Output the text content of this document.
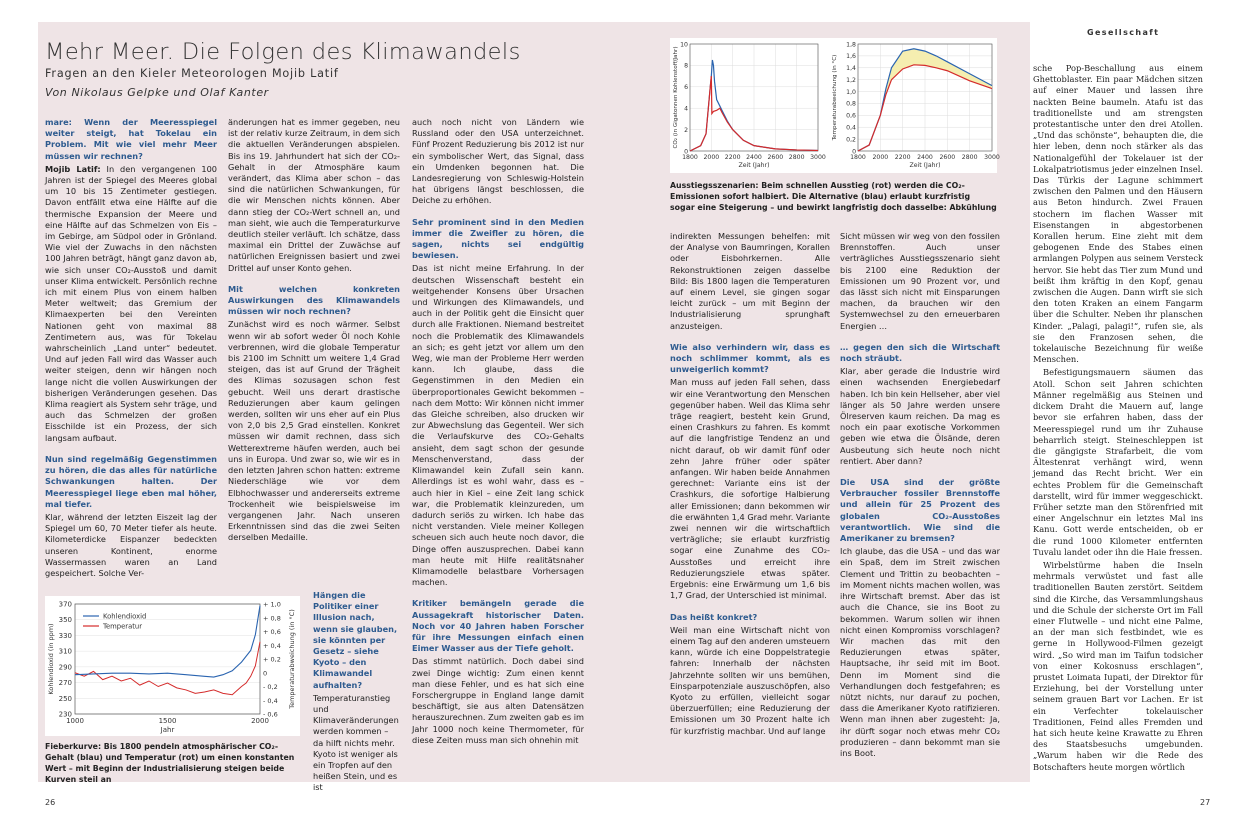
Mehr Meer. Die Folgen des Klimawandels
Fragen an den Kieler Meteorologen Mojib Latif
Von Nikolaus Gelpke und Olaf Kanter

mare: Wenn der Meeresspiegel weiter steigt, hat Tokelau ein Problem. Mit wie viel mehr Meer müssen wir rechnen?

Mojib Latif: In den vergangenen 100 Jahren ist der Spiegel des Meeres global um 10 bis 15 Zentimeter gestiegen. Davon entfällt etwa eine Hälfte auf die thermische Expansion der Meere und eine Hälfte auf das Schmelzen von Eis – im Gebirge, am Südpol oder in Grönland. Wie viel der Zuwachs in den nächsten 100 Jahren beträgt, hängt ganz davon ab, wie sich unser CO₂-Ausstoß und damit unser Klima entwickelt. Persönlich rechne ich mit einem Plus von einem halben Meter weltweit; das Gremium der Klimaexperten bei den Vereinten Nationen geht von maximal 88 Zentimetern aus, was für Tokelau wahrscheinlich „Land unter“ bedeutet. Und auf jeden Fall wird das Wasser auch weiter steigen, denn wir hängen noch lange nicht die vollen Auswirkungen der bisherigen Veränderungen gesehen. Das Klima reagiert als System sehr träge, und auch das Schmelzen der großen Eisschilde ist ein Prozess, der sich langsam aufbaut.

Nun sind regelmäßig Gegenstimmen zu hören, die das alles für natürliche Schwankungen halten. Der Meeresspiegel liege eben mal höher, mal tiefer.

Klar, während der letzten Eiszeit lag der Spiegel um 60, 70 Meter tiefer als heute. Kilometerdicke Eispanzer bedeckten unseren Kontinent, enorme Wassermassen waren an Land gespeichert. Solche Ver-

änderungen hat es immer gegeben, neu ist der relativ kurze Zeitraum, in dem sich die aktuellen Veränderungen abspielen. Bis ins 19. Jahrhundert hat sich der CO₂-Gehalt in der Atmosphäre kaum verändert, das Klima aber schon – das sind die natürlichen Schwankungen, für die wir Menschen nichts können. Aber dann stieg der CO₂-Wert schnell an, und man sieht, wie auch die Temperaturkurve deutlich steiler verläuft. Ich schätze, dass maximal ein Drittel der Zuwächse auf natürlichen Ereignissen basiert und zwei Drittel auf unser Konto gehen.

Mit welchen konkreten Auswirkungen des Klimawandels müssen wir noch rechnen?

Zunächst wird es noch wärmer. Selbst wenn wir ab sofort weder Öl noch Kohle verbrennen, wird die globale Temperatur bis 2100 im Schnitt um weitere 1,4 Grad steigen, das ist auf Grund der Trägheit des Klimas sozusagen schon fest gebucht. Weil uns derart drastische Reduzierungen aber kaum gelingen werden, sollten wir uns eher auf ein Plus von 2,0 bis 2,5 Grad einstellen. Konkret müssen wir damit rechnen, dass sich Wetterextreme häufen werden, auch bei uns in Europa. Und zwar so, wie wir es in den letzten Jahren schon hatten: extreme Niederschläge wie vor dem Elbhochwasser und andererseits extreme Trockenheit wie beispielsweise im vergangenen Jahr. Nach unseren Erkenntnissen sind das die zwei Seiten derselben Medaille.

Hängen die Politiker einer Illusion nach, wenn sie glauben, sie könnten per Gesetz – siehe Kyoto – den Klimawandel aufhalten?

Temperaturanstieg und Klimaveränderungen werden kommen – da hilft nichts mehr. Kyoto ist weniger als ein Tropfen auf den heißen Stein, und es ist

auch noch nicht von Ländern wie Russland oder den USA unterzeichnet. Fünf Prozent Reduzierung bis 2012 ist nur ein symbolischer Wert, das Signal, dass ein Umdenken begonnen hat. Die Landesregierung von Schleswig-Holstein hat übrigens längst beschlossen, die Deiche zu erhöhen.

Sehr prominent sind in den Medien immer die Zweifler zu hören, die sagen, nichts sei endgültig bewiesen.

Das ist nicht meine Erfahrung. In der deutschen Wissenschaft besteht ein weitgehender Konsens über Ursachen und Wirkungen des Klimawandels, und auch in der Politik geht die Einsicht quer durch alle Fraktionen. Niemand bestreitet noch die Problematik des Klimawandels an sich; es geht jetzt vor allem um den Weg, wie man der Probleme Herr werden kann. Ich glaube, dass die Gegenstimmen in den Medien ein überproportionales Gewicht bekommen – nach dem Motto: Wir können nicht immer das Gleiche schreiben, also drucken wir zur Abwechslung das Gegenteil. Wer sich die Verlaufskurve des CO₂-Gehalts ansieht, dem sagt schon der gesunde Menschenverstand, dass der Klimawandel kein Zufall sein kann. Allerdings ist es wohl wahr, dass es – auch hier in Kiel – eine Zeit lang schick war, die Problematik kleinzureden, um dadurch seriös zu wirken. Ich habe das nicht verstanden. Viele meiner Kollegen scheuen sich auch heute noch davor, die Dinge offen auszusprechen. Dabei kann man heute mit Hilfe realitätsnaher Klimamodelle belastbare Vorhersagen machen.

Kritiker bemängeln gerade die Aussagekraft historischer Daten. Noch vor 40 Jahren haben Forscher für ihre Messungen einfach einen Eimer Wasser aus der Tiefe geholt.

Das stimmt natürlich. Doch dabei sind zwei Dinge wichtig: Zum einen kennt man diese Fehler, und es hat sich eine Forschergruppe in England lange damit beschäftigt, sie aus alten Datensätzen herauszurechnen. Zum zweiten gab es im Jahr 1000 noch keine Thermometer, für diese Zeiten muss man sich ohnehin mit

370
350
330
310
290
270
250
230
+ 1,0
+ 0,8
+ 0,6
+ 0,4
+ 0,2
0
- 0,2
- 0,4
- 0,6
1000	1500	2000
Kohlendioxid
Temperatur
Jahr
Kohlendioxid (in ppm)	Temperaturabweichung (in °C)
Fieberkurve: Bis 1800 pendeln atmosphärischer CO₂-Gehalt (blau) und Temperatur (rot) um einen konstanten Wert – mit Beginn der Industrialisierung steigen beide Kurven steil an
26
0
2
4
6
8
10
1800 2000 2200 2400 2600 2800 3000
Zeit (Jahr)
CO₂ (in Gigatonnen Kohlenstoff/Jahr)
0
0,2
0,4
0,6
0,8
1,0
1,2
1,4
1,6
1,8
1800 2000 2200 2400 2600 2800 3000
Zeit (Jahr)
Temperaturabweichung (in °C)
Ausstiegsszenarien: Beim schnellen Ausstieg (rot) werden die CO₂-Emissionen sofort halbiert. Die Alternative (blau) erlaubt kurzfristig sogar eine Steigerung – und bewirkt langfristig doch dasselbe: Abkühlung

indirekten Messungen behelfen: mit der Analyse von Baumringen, Korallen oder Eisbohrkernen. Alle Rekonstruktionen zeigen dasselbe Bild: Bis 1800 lagen die Temperaturen auf einem Level, sie gingen sogar leicht zurück – um mit Beginn der Industrialisierung sprunghaft anzusteigen.

Wie also verhindern wir, dass es noch schlimmer kommt, als es unweigerlich kommt?

Man muss auf jeden Fall sehen, dass wir eine Verantwortung den Menschen gegenüber haben. Weil das Klima sehr träge reagiert, besteht kein Grund, einen Crashkurs zu fahren. Es kommt auf die langfristige Tendenz an und nicht darauf, ob wir damit fünf oder zehn Jahre früher oder später anfangen. Wir haben beide Annahmen gerechnet: Variante eins ist der Crashkurs, die sofortige Halbierung aller Emissionen; dann bekommen wir die erwähnten 1,4 Grad mehr. Variante zwei nennen wir die wirtschaftlich verträgliche; sie erlaubt kurzfristig sogar eine Zunahme des CO₂-Ausstoßes und erreicht ihre Reduzierungsziele etwas später. Ergebnis: eine Erwärmung um 1,6 bis 1,7 Grad, der Unterschied ist minimal.

Das heißt konkret?

Weil man eine Wirtschaft nicht von einem Tag auf den anderen umsteuern kann, würde ich eine Doppelstrategie fahren: Innerhalb der nächsten Jahrzehnte sollten wir uns bemühen, Einsparpotenziale auszuschöpfen, also Kyoto zu erfüllen, vielleicht sogar überzuerfüllen; eine Reduzierung der Emissionen um 30 Prozent halte ich für kurzfristig machbar. Und auf lange

Sicht müssen wir weg von den fossilen Brennstoffen. Auch unser verträgliches Ausstiegsszenario sieht bis 2100 eine Reduktion der Emissionen um 90 Prozent vor, und das lässt sich nicht mit Einsparungen machen, da brauchen wir den Systemwechsel zu den erneuerbaren Energien …

… gegen den sich die Wirtschaft noch sträubt.

Klar, aber gerade die Industrie wird einen wachsenden Energiebedarf haben. Ich bin kein Hellseher, aber viel länger als 50 Jahre werden unsere Ölreserven kaum reichen. Da mag es noch ein paar exotische Vorkommen geben wie etwa die Ölsände, deren Ausbeutung sich heute noch nicht rentiert. Aber dann?

Die USA sind der größte Verbraucher fossiler Brennstoffe und allein für 25 Prozent des globalen CO₂-Ausstoßes verantwortlich. Wie sind die Amerikaner zu bremsen?

Ich glaube, das die USA – und das war ein Spaß, dem im Streit zwischen Clement und Trittin zu beobachten – im Moment nichts machen wollen, was ihre Wirtschaft bremst. Aber das ist auch die Chance, sie ins Boot zu bekommen. Warum sollen wir ihnen nicht einen Kompromiss vorschlagen? Wir machen das mit den Reduzierungen etwas später, Hauptsache, ihr seid mit im Boot. Denn im Moment sind die Verhandlungen doch festgefahren; es nützt nichts, nur darauf zu pochen, dass die Amerikaner Kyoto ratifizieren. Wenn man ihnen aber zugesteht: Ja, ihr dürft sogar noch etwas mehr CO₂ produzieren – dann bekommt man sie ins Boot.

Gesellschaft

sche Pop-Beschallung aus einem Ghettoblaster. Ein paar Mädchen sitzen auf einer Mauer und lassen ihre nackten Beine baumeln. Atafu ist das traditionellste und am strengsten protestantische unter den drei Atollen. „Und das schönste“, behaupten die, die hier leben, denn noch stärker als das Nationalgefühl der Tokelauer ist der Lokalpatriotismus jeder einzelnen Insel. Das Türkis der Lagune schimmert zwischen den Palmen und den Häusern aus Beton hindurch. Zwei Frauen stochern im flachen Wasser mit Eisenstangen in abgestorbenen Korallen herum. Eine zieht mit dem gebogenen Ende des Stabes einen armlangen Polypen aus seinem Versteck hervor. Sie hebt das Tier zum Mund und beißt ihm kräftig in den Kopf, genau zwischen die Augen. Dann wirft sie sich den toten Kraken an einem Fangarm über die Schulter. Neben ihr planschen Kinder. „Palagi, palagi!“, rufen sie, als sie den Franzosen sehen, die tokelauische Bezeichnung für weiße Menschen.

Befestigungsmauern säumen das Atoll. Schon seit Jahren schichten Männer regelmäßig aus Steinen und dickem Draht die Mauern auf, lange bevor sie erfahren haben, dass der Meeresspiegel rund um ihr Zuhause beharrlich steigt. Steineschleppen ist die gängigste Strafarbeit, die vom Ältestenrat verhängt wird, wenn jemand das Recht bricht. Wer ein echtes Problem für die Gemeinschaft darstellt, wird für immer weggeschickt. Früher setzte man den Störenfried mit einer Angelschnur ein letztes Mal ins Kanu. Gott werde entscheiden, ob er die rund 1000 Kilometer entfernten Tuvalu landet oder ihn die Haie fressen.

Wirbelstürme haben die Inseln mehrmals verwüstet und fast alle traditionellen Bauten zerstört. Seitdem sind die Kirche, das Versammlungshaus und die Schule der sicherste Ort im Fall einer Flutwelle – und nicht eine Palme, an der man sich festbindet, wie es gerne in Hollywood-Filmen gezeigt wird. „So wird man im Taifun todsicher von einer Kokosnuss erschlagen“, prustet Loimata Iupati, der Direktor für Erziehung, bei der Vorstellung unter seinem grauen Bart vor Lachen. Er ist ein Verfechter tokelauischer Traditionen, Feind alles Fremden und hat sich heute keine Krawatte zu Ehren des Staatsbesuchs umgebunden. „Warum haben wir die Rede des Botschafters heute morgen wörtlich

27
